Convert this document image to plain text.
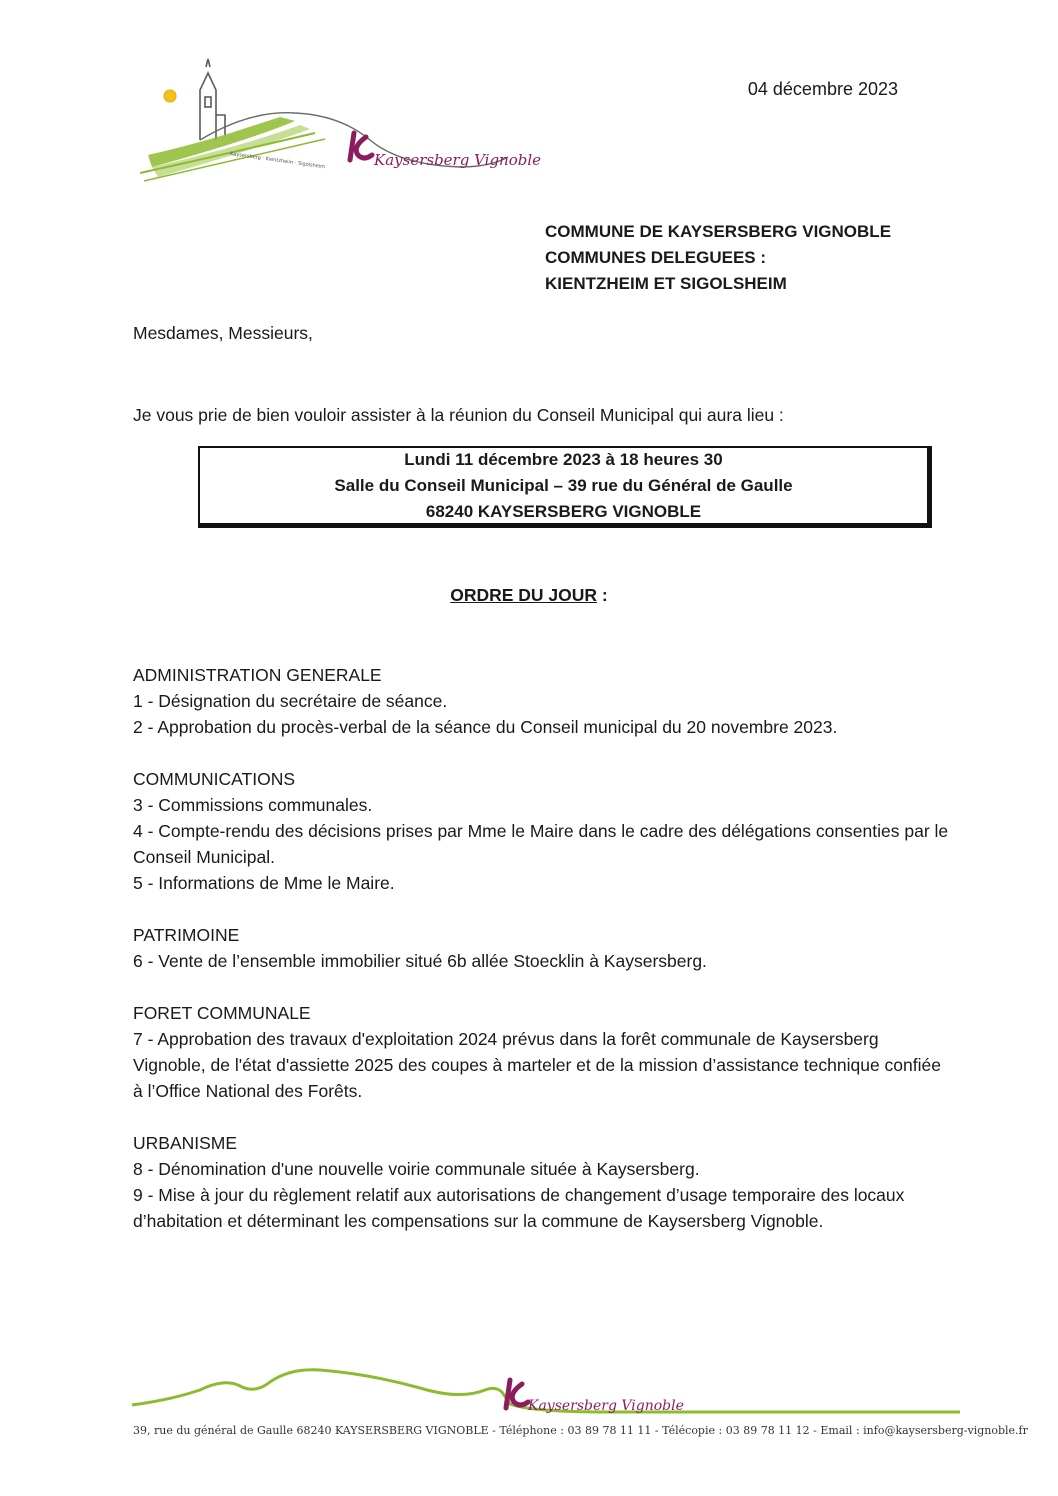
Kaysersberg · Kientzheim · Sigolsheim	Kaysersberg Vignoble
04 décembre 2023
COMMUNE DE KAYSERSBERG VIGNOBLE
COMMUNES DELEGUEES :
KIENTZHEIM ET SIGOLSHEIM
Mesdames, Messieurs,
Je vous prie de bien vouloir assister à la réunion du Conseil Municipal qui aura lieu :
Lundi 11 décembre 2023 à 18 heures 30
Salle du Conseil Municipal – 39 rue du Général de Gaulle
68240 KAYSERSBERG VIGNOBLE
ORDRE DU JOUR :
ADMINISTRATION GENERALE
1 - Désignation du secrétaire de séance.
2 - Approbation du procès-verbal de la séance du Conseil municipal du 20 novembre 2023.
COMMUNICATIONS
3 - Commissions communales.
4 - Compte-rendu des décisions prises par Mme le Maire dans le cadre des délégations consenties par le Conseil Municipal.
5 - Informations de Mme le Maire.
PATRIMOINE
6 - Vente de l’ensemble immobilier situé 6b allée Stoecklin à Kaysersberg.
FORET COMMUNALE
7 - Approbation des travaux d'exploitation 2024 prévus dans la forêt communale de Kaysersberg Vignoble, de l'état d'assiette 2025 des coupes à marteler et de la mission d’assistance technique confiée à l’Office National des Forêts.
URBANISME
8 - Dénomination d'une nouvelle voirie communale située à Kaysersberg.
9 - Mise à jour du règlement relatif aux autorisations de changement d’usage temporaire des locaux d’habitation et déterminant les compensations sur la commune de Kaysersberg Vignoble.
Kaysersberg Vignoble
39, rue du général de Gaulle 68240 KAYSERSBERG VIGNOBLE - Téléphone : 03 89 78 11 11 - Télécopie : 03 89 78 11 12 - Email : info@kaysersberg-vignoble.fr
